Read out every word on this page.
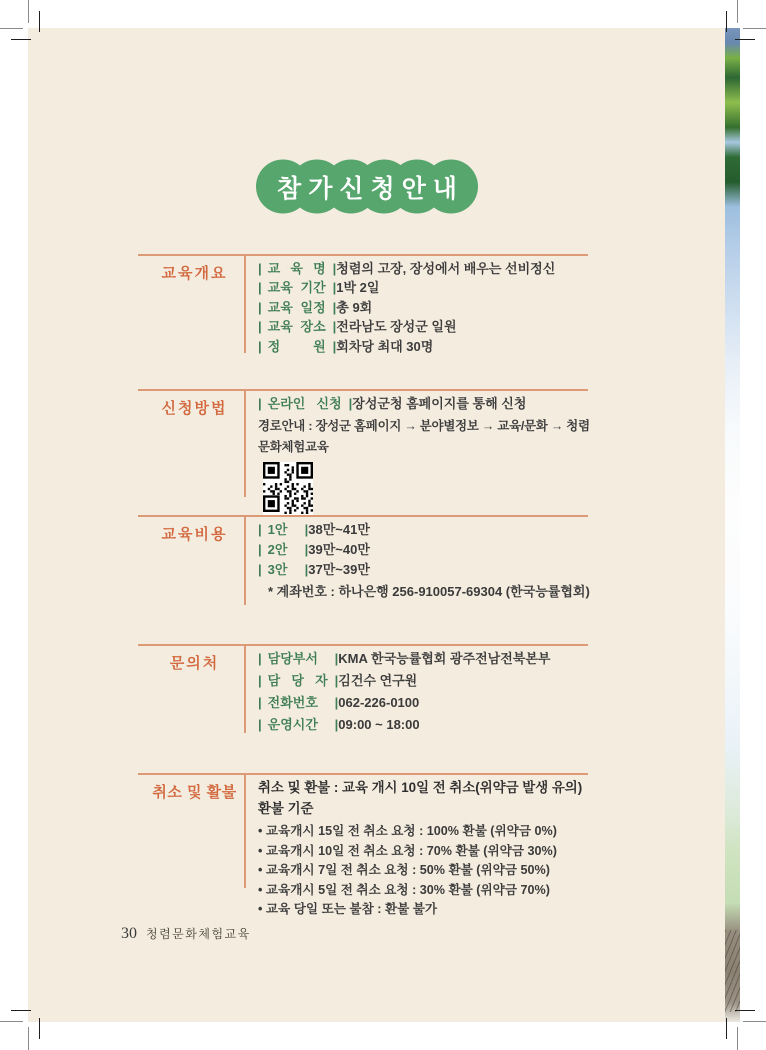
참가신청안내
교육개요	| 교 육 명 |청렴의 고장, 장성에서 배우는 선비정신
| 교육 기간 |1박 2일
| 교육 일정 |총 9회
| 교육 장소 |전라남도 장성군 일원
| 정 원 |회차당 최대 30명
신청방법	| 온라인 신청 |장성군청 홈페이지를 통해 신청
경로안내 : 장성군 홈페이지 → 분야별정보 → 교육/문화 → 청렴문화체험교육
교육비용	| 1안 |38만~41만
| 2안 |39만~40만
| 3안 |37만~39만
* 계좌번호 : 하나은행 256-910057-69304 (한국능률협회)
문의처	| 담당부서 |KMA 한국능률협회 광주전남전북본부
| 담 당 자 |김건수 연구원
| 전화번호 |062-226-0100
| 운영시간 |09:00 ~ 18:00
취소 및 활불	취소 및 환불 : 교육 개시 10일 전 취소(위약금 발생 유의) 환불 기준
• 교육개시 15일 전 취소 요청 : 100% 환불 (위약금 0%)
• 교육개시 10일 전 취소 요청 : 70% 환불 (위약금 30%)
• 교육개시 7일 전 취소 요청 : 50% 환불 (위약금 50%)
• 교육개시 5일 전 취소 요청 : 30% 환불 (위약금 70%)
• 교육 당일 또는 불참 : 환불 불가
30 청렴문화체험교육
